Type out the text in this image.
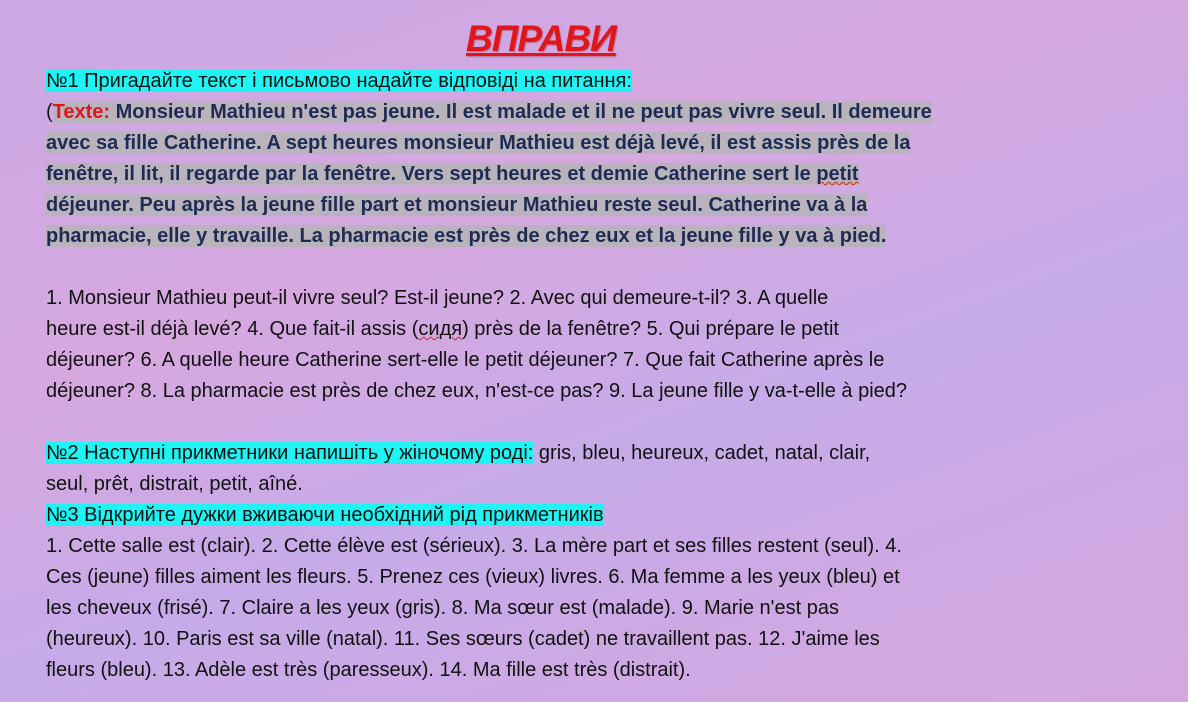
ВПРАВИ
№1 Пригадайте текст і письмово надайте відповіді на питання:
(Texte: Monsieur Mathieu n'est pas jeune. Il est malade et il ne peut pas vivre seul. Il demeure
avec sa fille Catherine. A sept heures monsieur Mathieu est déjà levé, il est assis près de la
fenêtre, il lit, il regarde par la fenêtre. Vers sept heures et demie Catherine sert le petit
déjeuner. Peu après la jeune fille part et monsieur Mathieu reste seul. Catherine va à la
pharmacie, elle y travaille. La pharmacie est près de chez eux et la jeune fille y va à pied.
1. Monsieur Mathieu peut-il vivre seul? Est-il jeune? 2. Avec qui demeure-t-il? 3. A quelle
heure est-il déjà levé? 4. Que fait-il assis (сидя) près de la fenêtre? 5. Qui prépare le petit
déjeuner? 6. A quelle heure Catherine sert-elle le petit déjeuner? 7. Que fait Catherine après le
déjeuner? 8. La pharmacie est près de chez eux, n'est-ce pas? 9. La jeune fille y va-t-elle à pied?
№2 Наступні прикметники напишіть у жіночому роді: gris, bleu, heureux, cadet, natal, clair,
seul, prêt, distrait, petit, aîné.
№3 Відкрийте дужки вживаючи необхідний рід прикметників
1. Cette salle est (clair). 2. Cette élève est (sérieux). 3. La mère part et ses filles restent (seul). 4.
Ces (jeune) filles aiment les fleurs. 5. Prenez ces (vieux) livres. 6. Ma femme a les yeux (bleu) et
les cheveux (frisé). 7. Claire a les yeux (gris). 8. Ma sœur est (malade). 9. Marie n'est pas
(heureux). 10. Paris est sa ville (natal). 11. Ses sœurs (cadet) ne travaillent pas. 12. J'aime les
fleurs (bleu). 13. Adèle est très (paresseux). 14. Ma fille est très (distrait).
